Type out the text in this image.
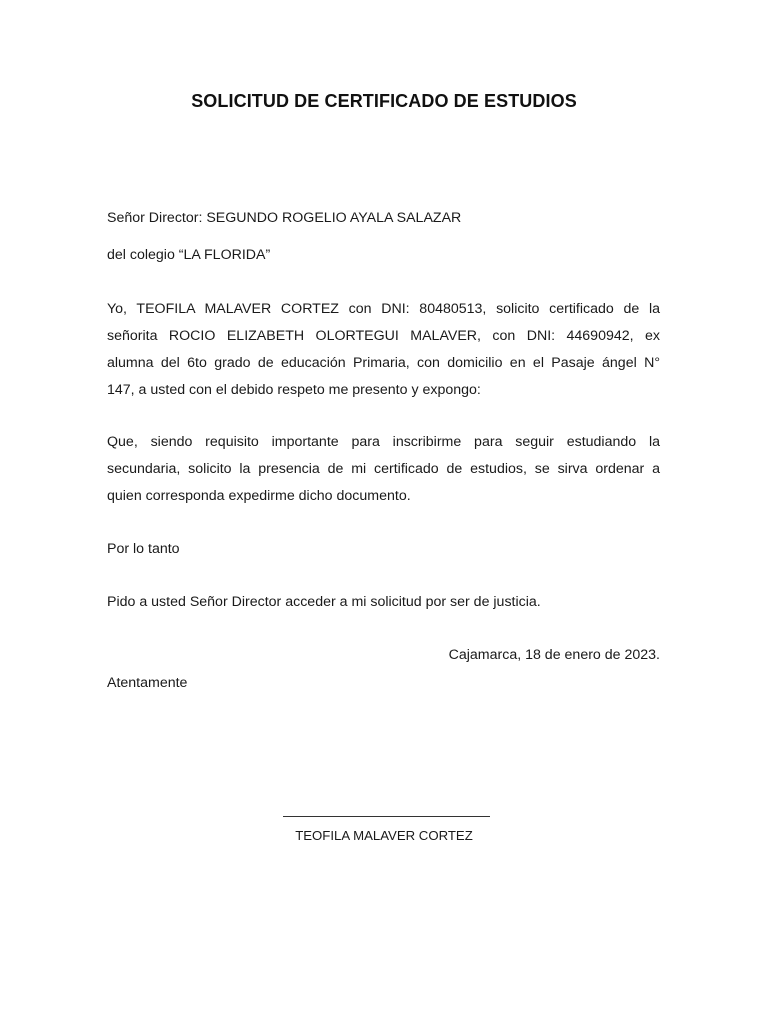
SOLICITUD DE CERTIFICADO DE ESTUDIOS
Señor Director: SEGUNDO ROGELIO AYALA SALAZAR
del colegio “LA FLORIDA”
Yo, TEOFILA MALAVER CORTEZ con DNI: 80480513, solicito certificado de la
señorita ROCIO ELIZABETH OLORTEGUI MALAVER, con DNI: 44690942, ex
alumna del 6to grado de educación Primaria, con domicilio en el Pasaje ángel N°
147, a usted con el debido respeto me presento y expongo:
Que, siendo requisito importante para inscribirme para seguir estudiando la
secundaria, solicito la presencia de mi certificado de estudios, se sirva ordenar a
quien corresponda expedirme dicho documento.
Por lo tanto
Pido a usted Señor Director acceder a mi solicitud por ser de justicia.
Cajamarca, 18 de enero de 2023.
Atentamente
TEOFILA MALAVER CORTEZ
